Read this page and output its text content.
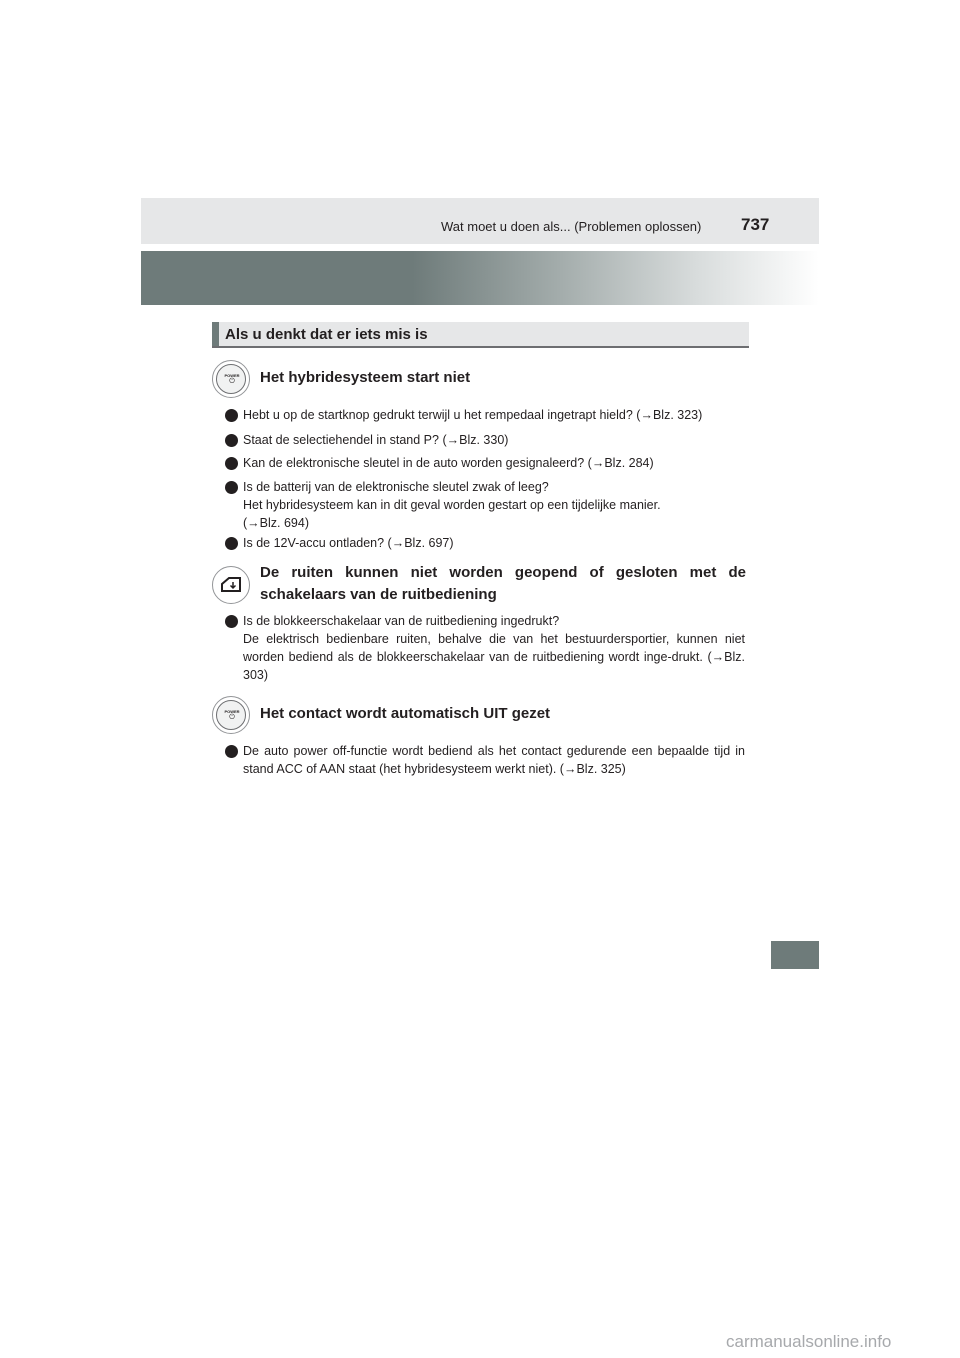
Wat moet u doen als... (Problemen oplossen) 737
Als u denkt dat er iets mis is
POWER
⏻	Het hybridesysteem start niet

Hebt u op de startknop gedrukt terwijl u het rempedaal ingetrapt hield? (→Blz. 323)

Staat de selectiehendel in stand P? (→Blz. 330)

Kan de elektronische sleutel in de auto worden gesignaleerd? (→Blz. 284)

Is de batterij van de elektronische sleutel zwak of leeg?

Het hybridesysteem kan in dit geval worden gestart op een tijdelijke manier.

(→Blz. 694)

Is de 12V-accu ontladen? (→Blz. 697)

De ruiten kunnen niet worden geopend of gesloten met de schakelaars van de ruitbediening

Is de blokkeerschakelaar van de ruitbediening ingedrukt?

De elektrisch bedienbare ruiten, behalve die van het bestuurdersportier, kunnen niet worden bediend als de blokkeerschakelaar van de ruitbediening wordt inge-drukt. (→Blz. 303)

POWER
⏻	Het contact wordt automatisch UIT gezet

De auto power off-functie wordt bediend als het contact gedurende een bepaalde tijd in stand ACC of AAN staat (het hybridesysteem werkt niet). (→Blz. 325)

carmanualsonline.info
